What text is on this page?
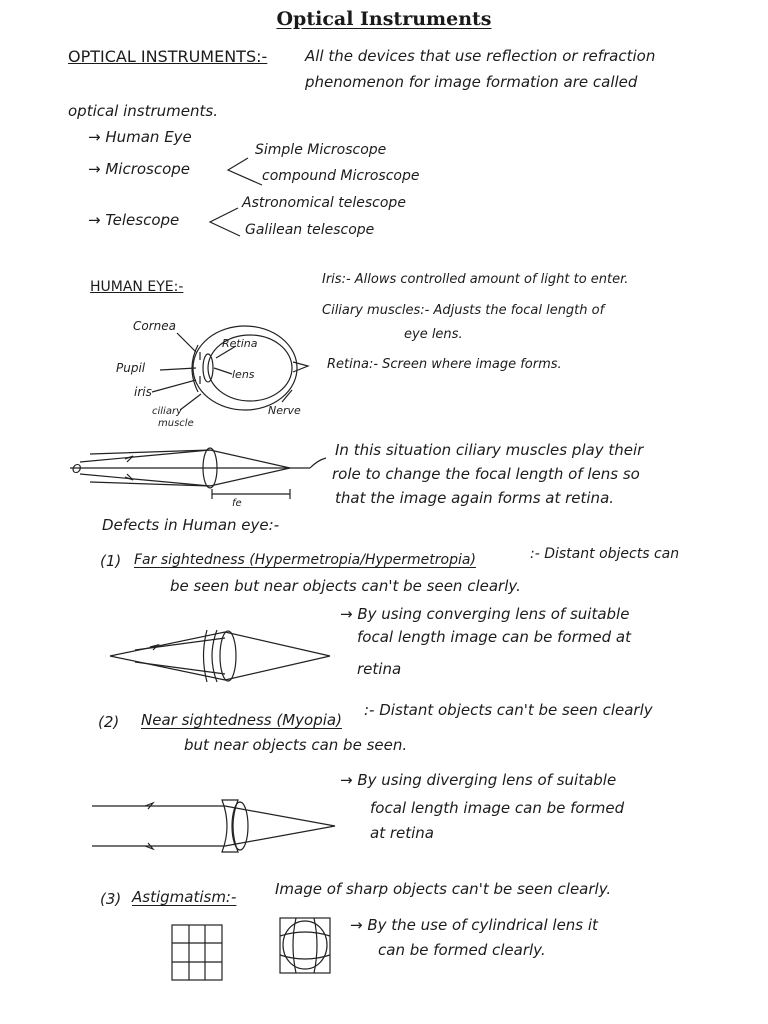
Optical Instruments
OPTICAL INSTRUMENTS:-	All the devices that use reflection or refraction
phenomenon for image formation are called
optical instruments.
→ Human Eye
→ Microscope
Simple Microscope
compound Microscope
→ Telescope
Astronomical telescope
Galilean telescope
HUMAN EYE:-	Iris:- Allows controlled amount of light to enter.
Ciliary muscles:- Adjusts the focal length of
eye lens.
Retina:- Screen where image forms.
In this situation ciliary muscles play their
role to change the focal length of lens so
that the image again forms at retina.
Defects in Human eye:-
(1) Far sightedness (Hypermetropia/Hypermetropia)	:- Distant objects can
be seen but near objects can't be seen clearly.
→ By using converging lens of suitable
focal length image can be formed at
retina
(2) Near sightedness (Myopia)
:- Distant objects can't be seen clearly
but near objects can be seen.
→ By using diverging lens of suitable
focal length image can be formed
at retina
(3) Astigmatism:-	Image of sharp objects can't be seen clearly.
→ By the use of cylindrical lens it
can be formed clearly.
Cornea
Retina
Pupil	lens
iris
ciliary
muscle
Nerve
O
fe
